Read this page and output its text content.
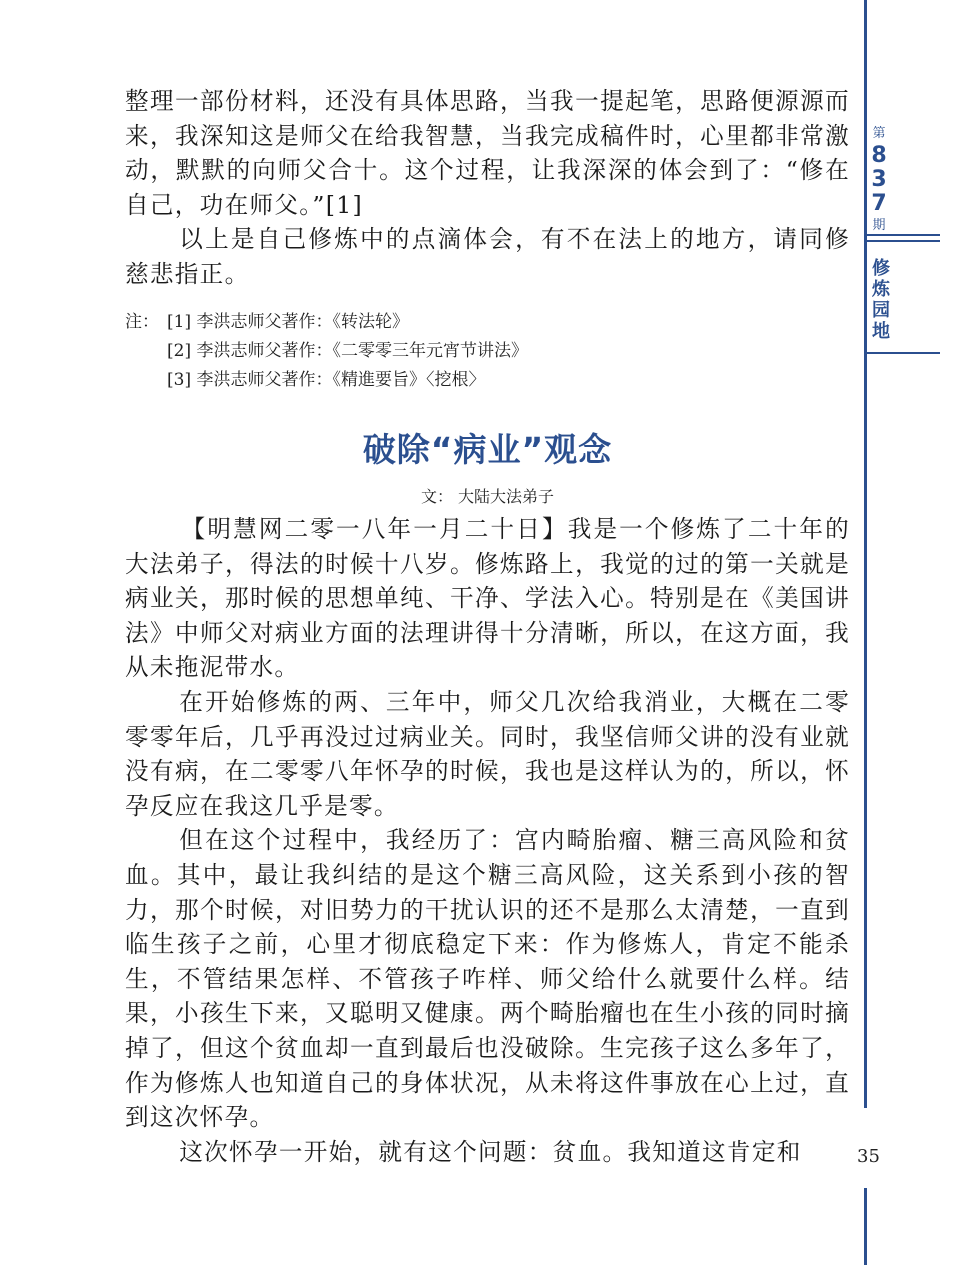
整理一部份材料，还没有具体思路，当我一提起笔，思路便源源而来，我深知这是师父在给我智慧，当我完成稿件时，心里都非常激动，默默的向师父合十。这个过程，让我深深的体会到了：“修在自己，功在师父。”[1]

以上是自己修炼中的点滴体会，有不在法上的地方，请同修慈悲指正。

注： [1] 李洪志师父著作：《转法轮》
[2] 李洪志师父著作：《二零零三年元宵节讲法》
[3] 李洪志师父著作：《精進要旨》〈挖根〉
破除“病业”观念
文： 大陆大法弟子

【明慧网二零一八年一月二十日】我是一个修炼了二十年的大法弟子，得法的时候十八岁。修炼路上，我觉的过的第一关就是病业关，那时候的思想单纯、干净、学法入心。特别是在《美国讲法》中师父对病业方面的法理讲得十分清晰，所以，在这方面，我从未拖泥带水。

在开始修炼的两、三年中，师父几次给我消业，大概在二零零零年后，几乎再没过过病业关。同时，我坚信师父讲的没有业就没有病，在二零零八年怀孕的时候，我也是这样认为的，所以，怀孕反应在我这几乎是零。

但在这个过程中，我经历了：宫内畸胎瘤、糖三高风险和贫血。其中，最让我纠结的是这个糖三高风险，这关系到小孩的智力，那个时候，对旧势力的干扰认识的还不是那么太清楚，一直到临生孩子之前，心里才彻底稳定下来：作为修炼人，肯定不能杀生，不管结果怎样、不管孩子咋样、师父给什么就要什么样。结果，小孩生下来，又聪明又健康。两个畸胎瘤也在生小孩的同时摘掉了，但这个贫血却一直到最后也没破除。生完孩子这么多年了，作为修炼人也知道自己的身体状况，从未将这件事放在心上过，直到这次怀孕。

这次怀孕一开始，就有这个问题：贫血。我知道这肯定和

第
8
3
7
期
修
炼
园
地
35
